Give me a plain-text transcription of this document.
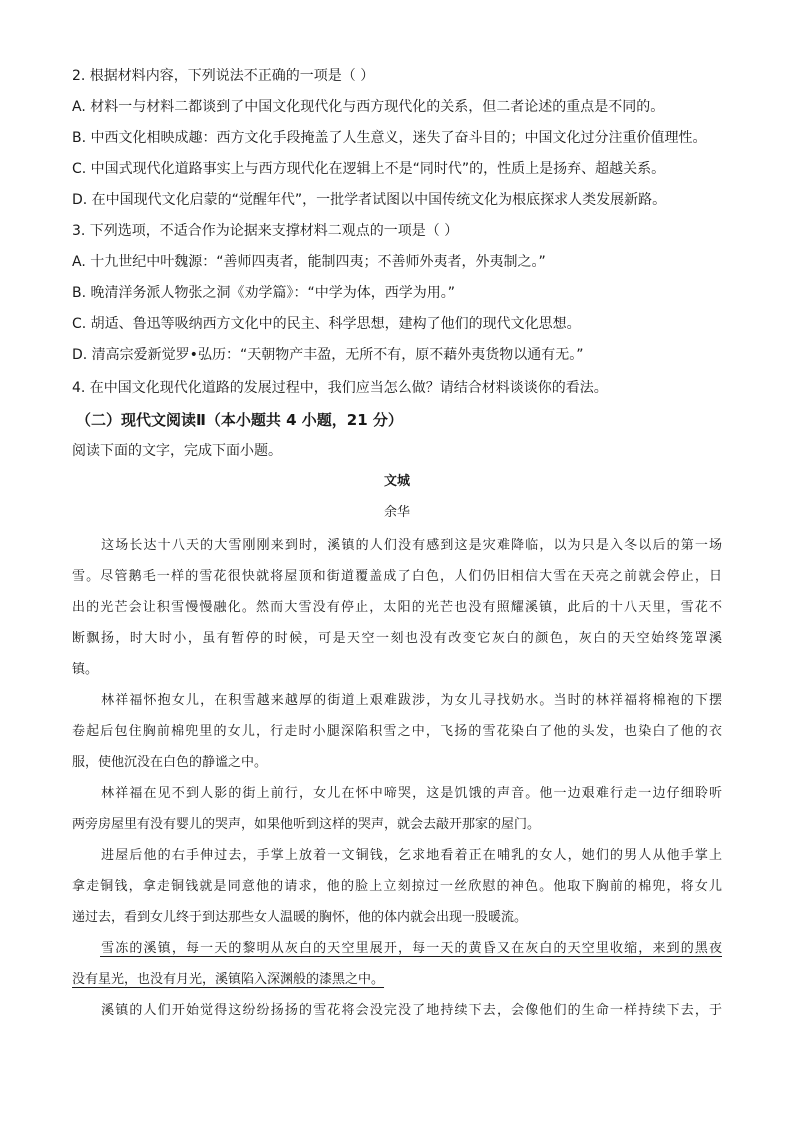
2. 根据材料内容，下列说法不正确的一项是（ ）
A. 材料一与材料二都谈到了中国文化现代化与西方现代化的关系，但二者论述的重点是不同的。
B. 中西文化相映成趣：西方文化手段掩盖了人生意义，迷失了奋斗目的；中国文化过分注重价值理性。
C. 中国式现代化道路事实上与西方现代化在逻辑上不是“同时代”的，性质上是扬弃、超越关系。
D. 在中国现代文化启蒙的“觉醒年代”，一批学者试图以中国传统文化为根底探求人类发展新路。
3. 下列选项，不适合作为论据来支撑材料二观点的一项是（ ）
A. 十九世纪中叶魏源：“善师四夷者，能制四夷；不善师外夷者，外夷制之。”
B. 晚清洋务派人物张之洞《劝学篇》：“中学为体，西学为用。”
C. 胡适、鲁迅等吸纳西方文化中的民主、科学思想，建构了他们的现代文化思想。
D. 清高宗爱新觉罗•弘历：“天朝物产丰盈，无所不有，原不藉外夷货物以通有无。”
4. 在中国文化现代化道路的发展过程中，我们应当怎么做？请结合材料谈谈你的看法。
（二）现代文阅读Ⅱ（本小题共 4 小题，21 分）
阅读下面的文字，完成下面小题。
文城
余华
这场长达十八天的大雪刚刚来到时，溪镇的人们没有感到这是灾难降临，以为只是入冬以后的第一场
雪。尽管鹅毛一样的雪花很快就将屋顶和街道覆盖成了白色，人们仍旧相信大雪在天亮之前就会停止，日
出的光芒会让积雪慢慢融化。然而大雪没有停止，太阳的光芒也没有照耀溪镇，此后的十八天里，雪花不
断飘扬，时大时小，虽有暂停的时候，可是天空一刻也没有改变它灰白的颜色，灰白的天空始终笼罩溪
镇。
林祥福怀抱女儿，在积雪越来越厚的街道上艰难跋涉，为女儿寻找奶水。当时的林祥福将棉袍的下摆
卷起后包住胸前棉兜里的女儿，行走时小腿深陷积雪之中，飞扬的雪花染白了他的头发，也染白了他的衣
服，使他沉没在白色的静谧之中。
林祥福在见不到人影的街上前行，女儿在怀中啼哭，这是饥饿的声音。他一边艰难行走一边仔细聆听
两旁房屋里有没有婴儿的哭声，如果他听到这样的哭声，就会去敲开那家的屋门。
进屋后他的右手伸过去，手掌上放着一文铜钱，乞求地看着正在哺乳的女人，她们的男人从他手掌上
拿走铜钱，拿走铜钱就是同意他的请求，他的脸上立刻掠过一丝欣慰的神色。他取下胸前的棉兜，将女儿
递过去，看到女儿终于到达那些女人温暖的胸怀，他的体内就会出现一股暖流。
雪冻的溪镇，每一天的黎明从灰白的天空里展开，每一天的黄昏又在灰白的天空里收缩，来到的黑夜
没有星光，也没有月光，溪镇陷入深渊般的漆黑之中。
溪镇的人们开始觉得这纷纷扬扬的雪花将会没完没了地持续下去，会像他们的生命一样持续下去，于
